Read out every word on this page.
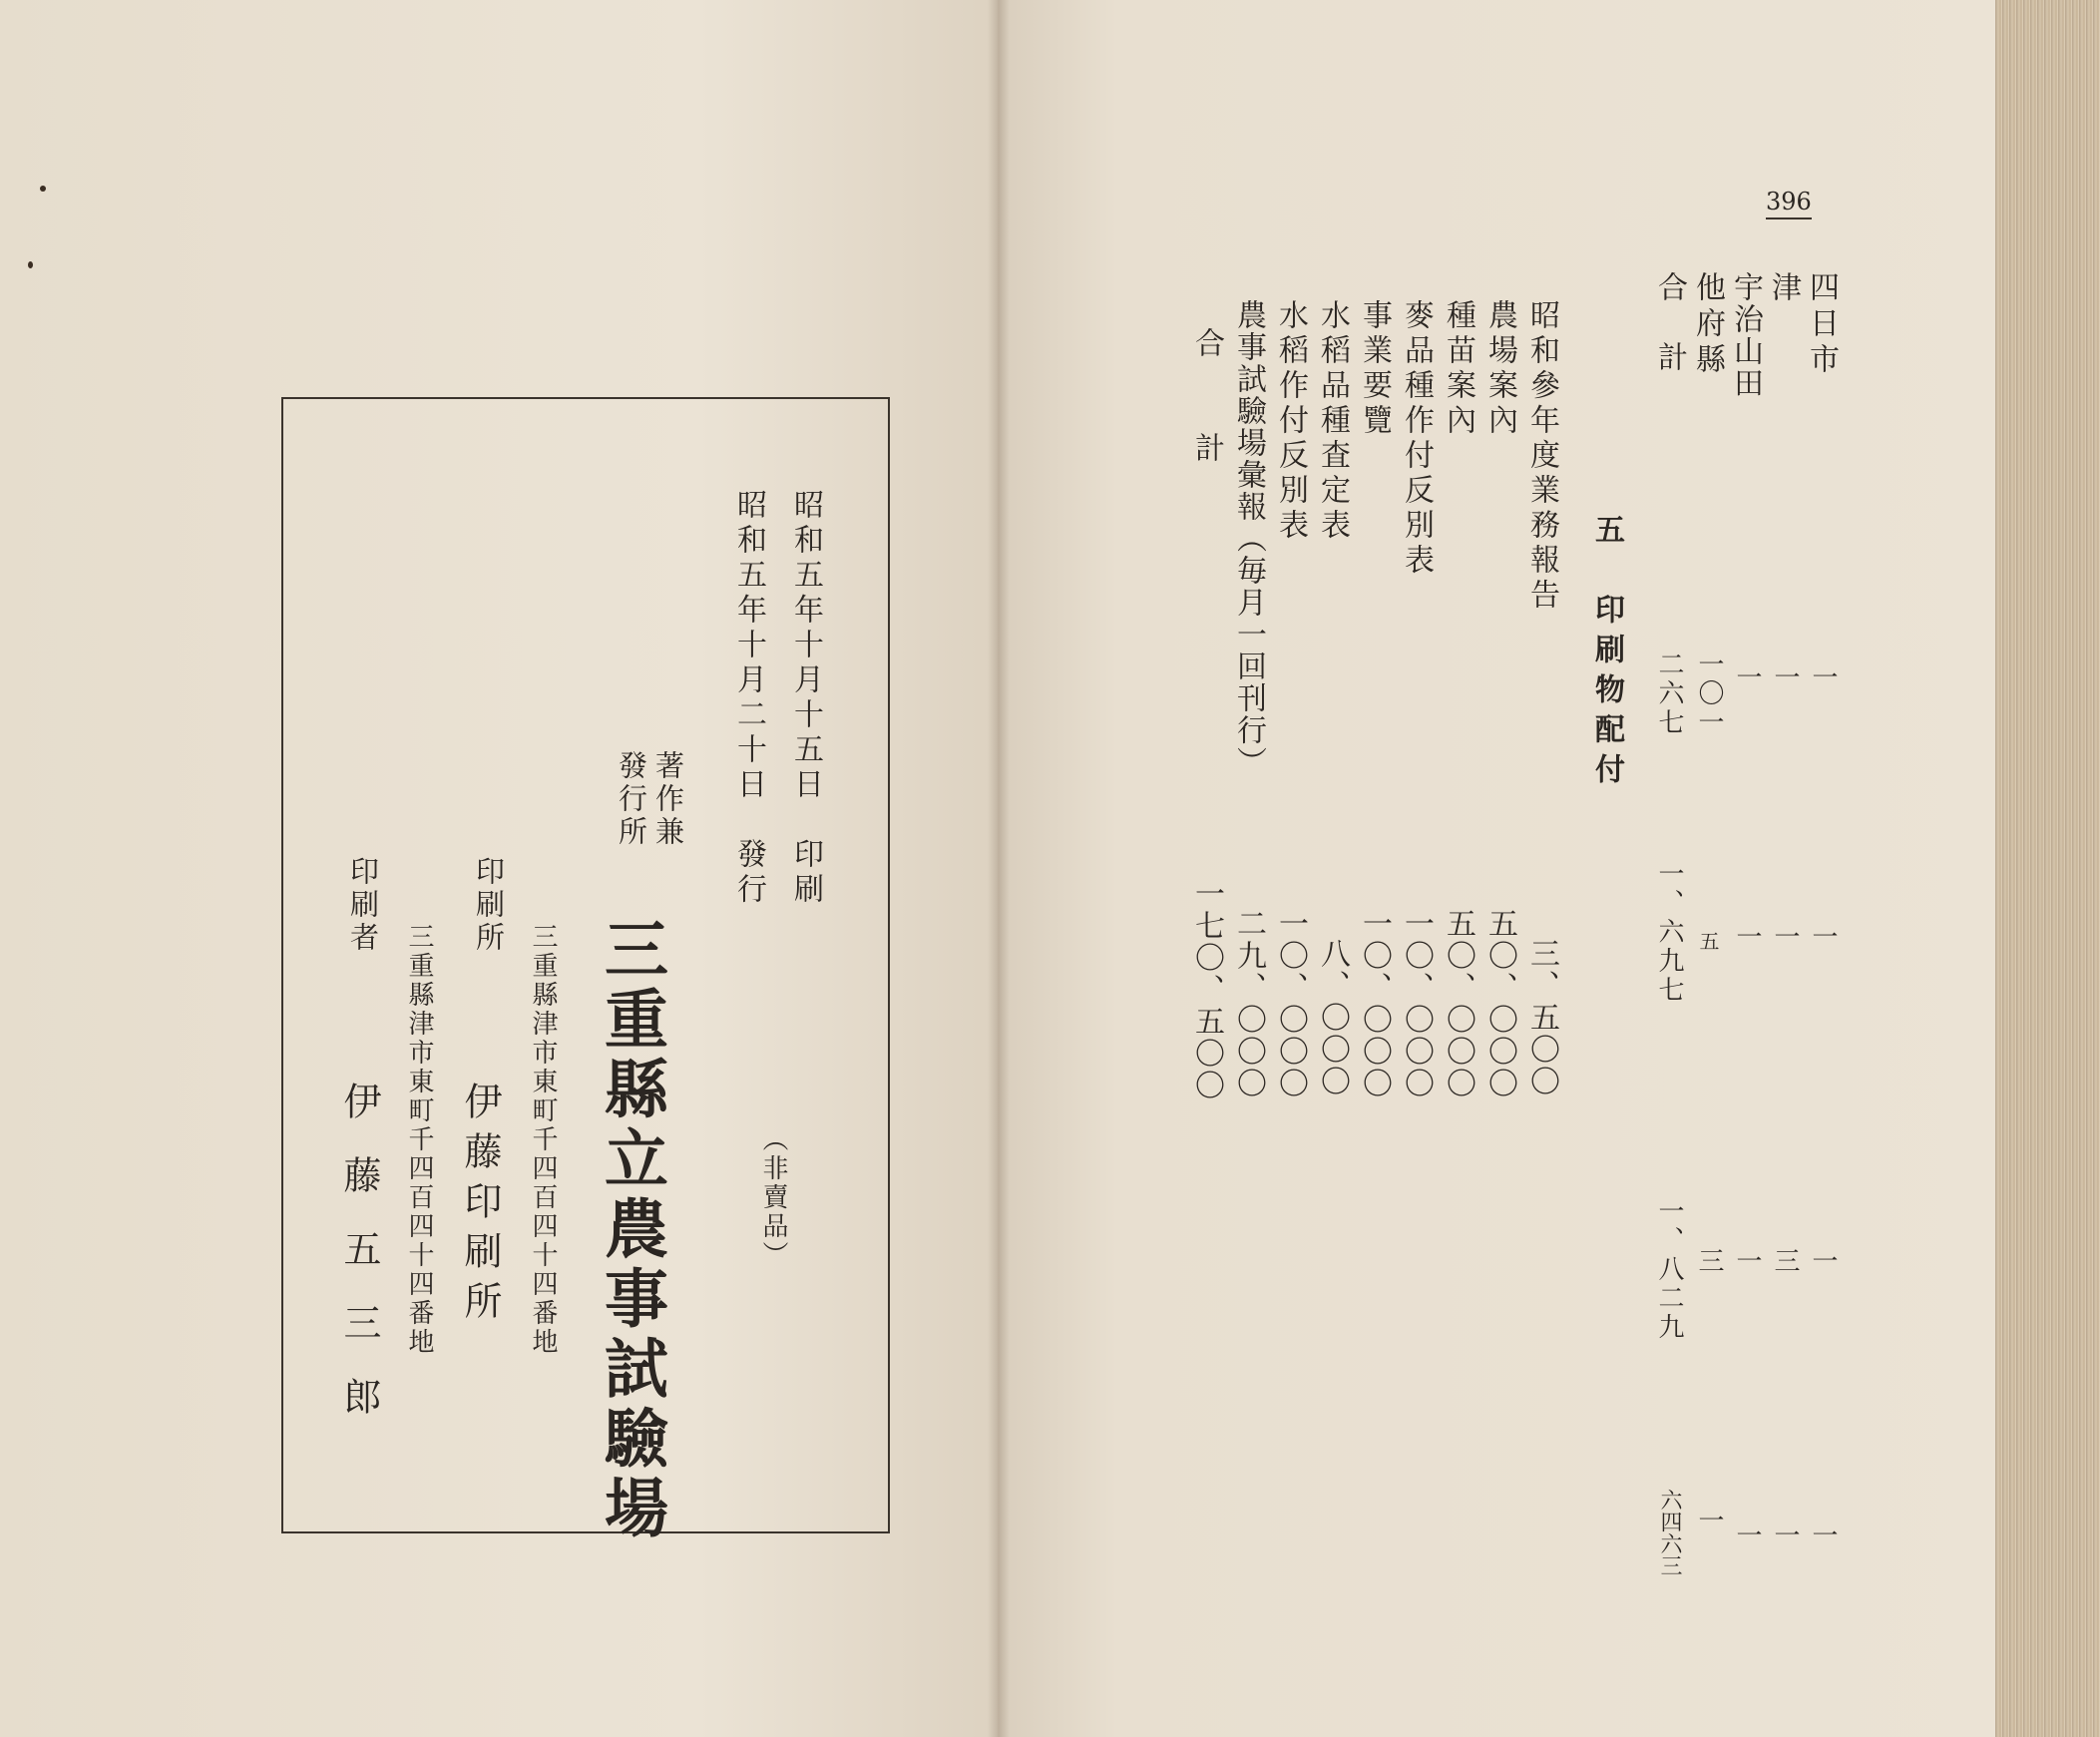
昭和五年十月十五日　印刷
昭和五年十月二十日　發行
（非賣品）
著作兼
發行所
三重縣立農事試驗場
印刷所
三重縣津市東町千四百四十四番地
伊藤印刷所
印刷者
三重縣津市東町千四百四十四番地
伊藤五三郎
396
四日市
津
宇治山田
他府縣
合計
一
一
一
一〇一
二六七
一
一
一
五
一、六九七
一
三
一
三
一、八二九
一
一
一
一
六四六三
五　印刷物配付
昭和參年度業務報告
農場案內
種苗案內
麥品種作付反別表
事業要覽
水稻品種査定表
水稻作付反別表
農事試驗場彙報（毎月一回刊行）
合　　計
三、五〇〇
五〇、〇〇〇
五〇、〇〇〇
一〇、〇〇〇
一〇、〇〇〇
八、〇〇〇
一〇、〇〇〇
二九、〇〇〇
一七〇、五〇〇
